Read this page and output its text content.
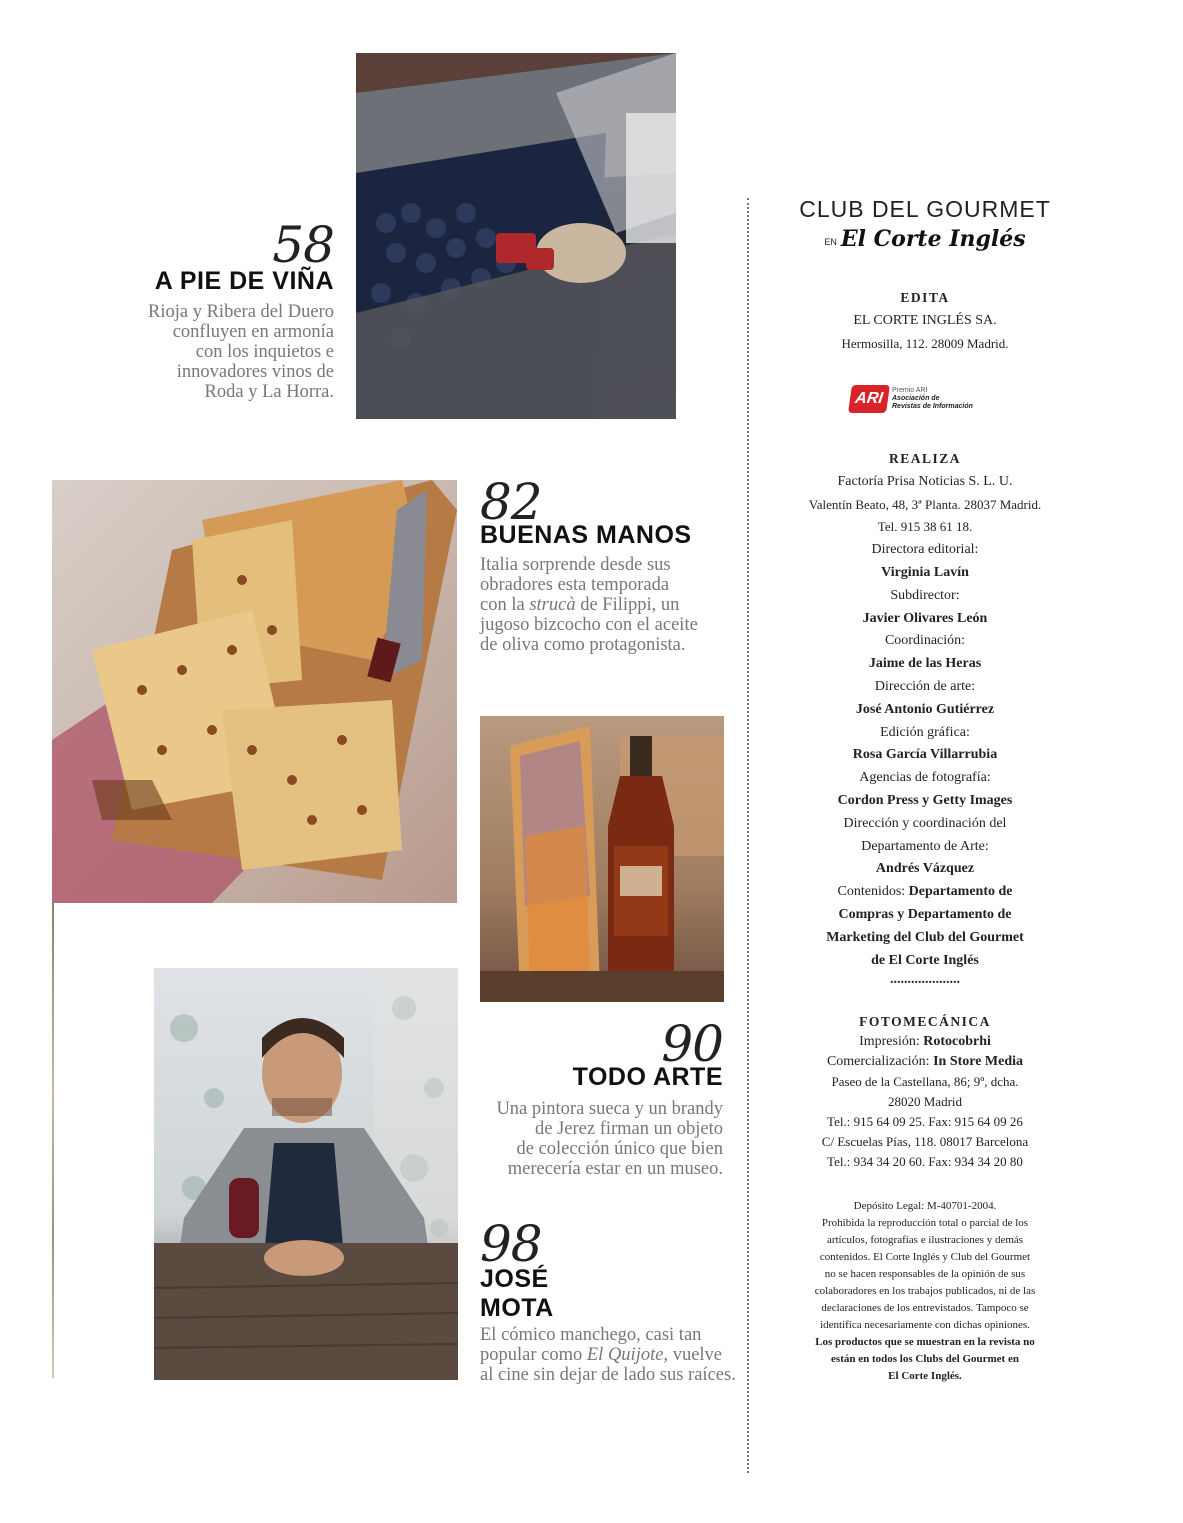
58
A PIE DE VIÑA
Rioja y Ribera del Duero
confluyen en armonía
con los inquietos e
innovadores vinos de
Roda y La Horra.
82
BUENAS MANOS
Italia sorprende desde sus
obradores esta temporada
con la strucà de Filippi, un
jugoso bizcocho con el aceite
de oliva como protagonista.
90
TODO ARTE
Una pintora sueca y un brandy
de Jerez firman un objeto
de colección único que bien
merecería estar en un museo.
98
JOSÉ
MOTA
El cómico manchego, casi tan
popular como El Quijote, vuelve
al cine sin dejar de lado sus raíces.
CLUB DEL GOURMET
EN El Corte Inglés
EDITA
EL CORTE INGLÉS SA.
Hermosilla, 112. 28009 Madrid.
ARI	Premio ARI
Asociación de
Revistas de Información
REALIZA
Factoría Prisa Noticias S. L. U.
Valentín Beato, 48, 3ª Planta. 28037 Madrid.
Tel. 915 38 61 18.
Directora editorial:
Virginia Lavín
Subdirector:
Javier Olivares León
Coordinación:
Jaime de las Heras
Dirección de arte:
José Antonio Gutiérrez
Edición gráfica:
Rosa García Villarrubia
Agencias de fotografía:
Cordon Press y Getty Images
Dirección y coordinación del
Departamento de Arte:
Andrés Vázquez
Contenidos: Departamento de
Compras y Departamento de
Marketing del Club del Gourmet
de El Corte Inglés
....................
FOTOMECÁNICA
Impresión: Rotocobrhi
Comercialización: In Store Media
Paseo de la Castellana, 86; 9º, dcha.
28020 Madrid
Tel.: 915 64 09 25. Fax: 915 64 09 26
C/ Escuelas Pías, 118. 08017 Barcelona
Tel.: 934 34 20 60. Fax: 934 34 20 80
Depósito Legal: M-40701-2004.
Prohibida la reproducción total o parcial de los
artículos, fotografías e ilustraciones y demás
contenidos. El Corte Inglés y Club del Gourmet
no se hacen responsables de la opinión de sus
colaboradores en los trabajos publicados, ni de las
declaraciones de los entrevistados. Tampoco se
identifica necesariamente con dichas opiniones.
Los productos que se muestran en la revista no
están en todos los Clubs del Gourmet en
El Corte Inglés.
